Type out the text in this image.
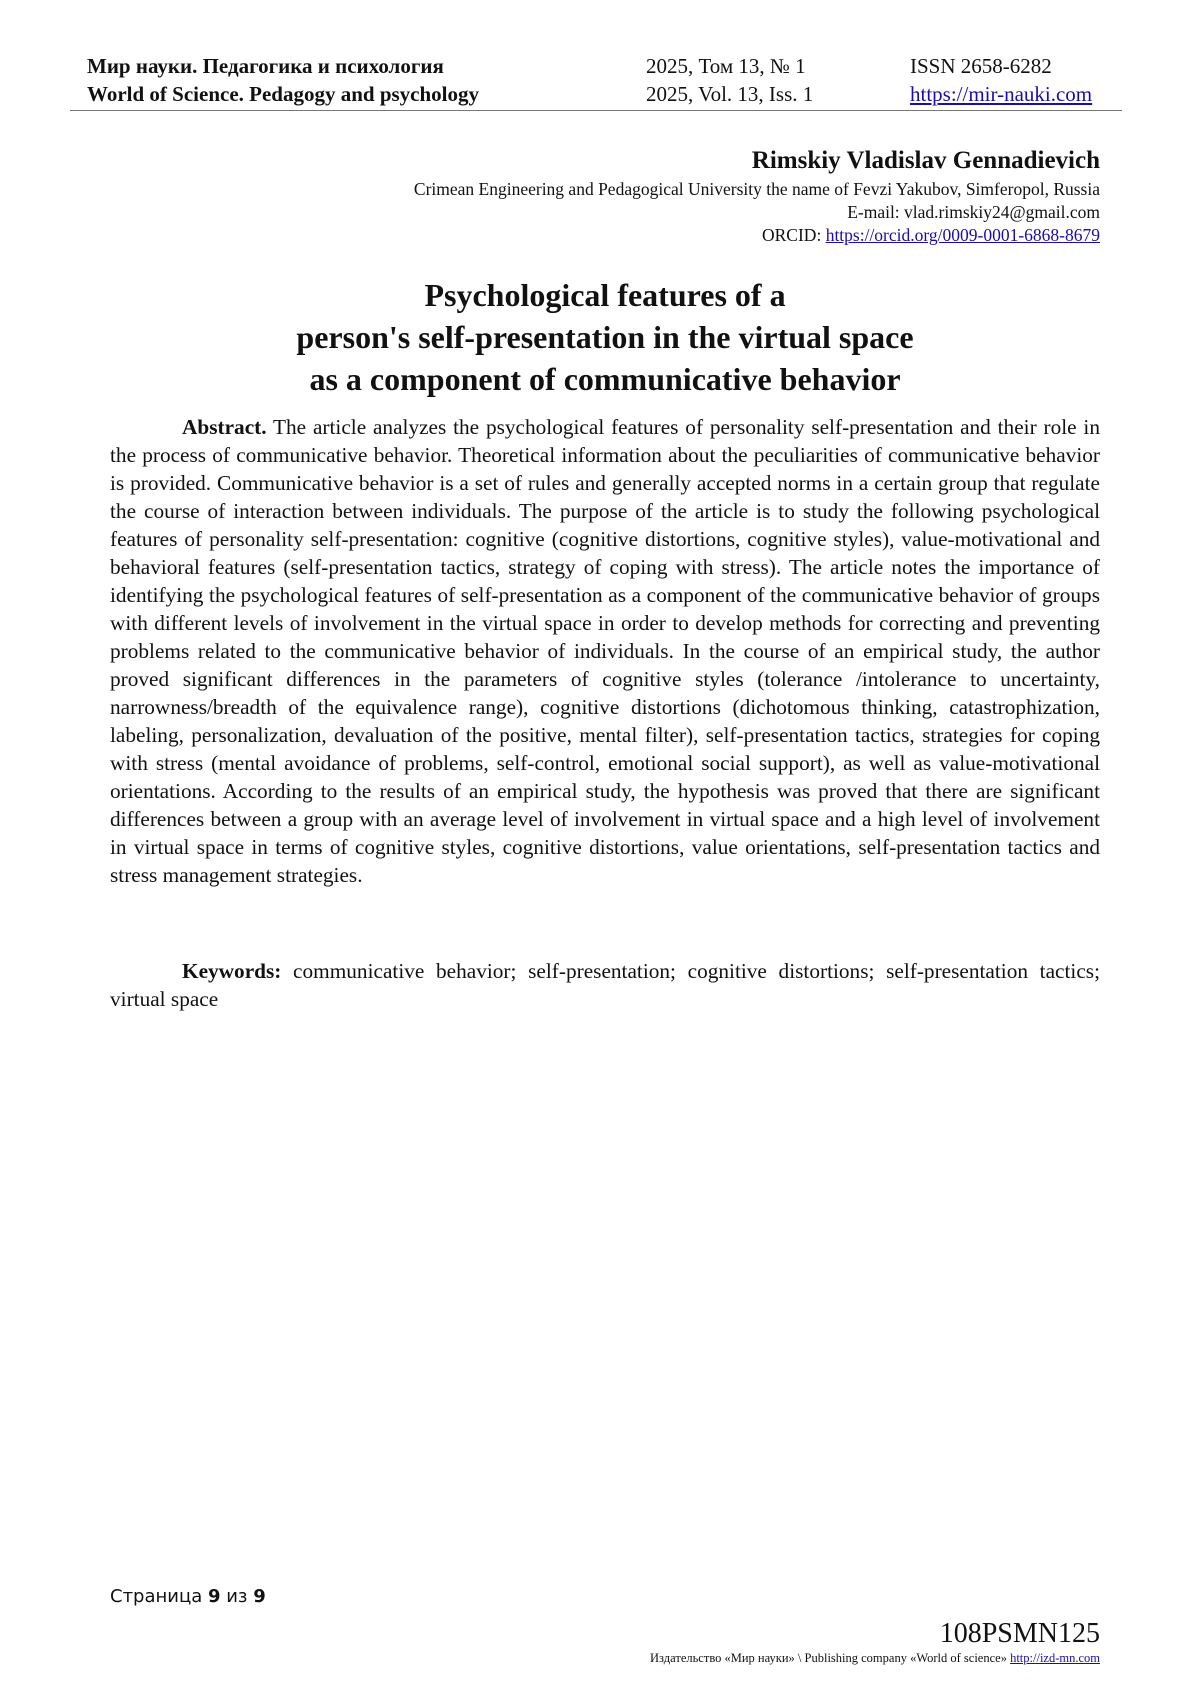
Мир науки. Педагогика и психология
World of Science. Pedagogy and psychology
2025, Том 13, № 1
2025, Vol. 13, Iss. 1
ISSN 2658-6282
https://mir-nauki.com
Rimskiy Vladislav Gennadievich
Crimean Engineering and Pedagogical University the name of Fevzi Yakubov, Simferopol, Russia
E-mail: vlad.rimskiy24@gmail.com
ORCID: https://orcid.org/0009-0001-6868-8679
Psychological features of a
person's self-presentation in the virtual space
as a component of communicative behavior

Abstract. The article analyzes the psychological features of personality self-presentation and their role in the process of communicative behavior. Theoretical information about the peculiarities of communicative behavior is provided. Communicative behavior is a set of rules and generally accepted norms in a certain group that regulate the course of interaction between individuals. The purpose of the article is to study the following psychological features of personality self-presentation: cognitive (cognitive distortions, cognitive styles), value-motivational and behavioral features (self-presentation tactics, strategy of coping with stress). The article notes the importance of identifying the psychological features of self-presentation as a component of the communicative behavior of groups with different levels of involvement in the virtual space in order to develop methods for correcting and preventing problems related to the communicative behavior of individuals. In the course of an empirical study, the author proved significant differences in the parameters of cognitive styles (tolerance /intolerance to uncertainty, narrowness/breadth of the equivalence range), cognitive distortions (dichotomous thinking, catastrophization, labeling, personalization, devaluation of the positive, mental filter), self-presentation tactics, strategies for coping with stress (mental avoidance of problems, self-control, emotional social support), as well as value-motivational orientations. According to the results of an empirical study, the hypothesis was proved that there are significant differences between a group with an average level of involvement in virtual space and a high level of involvement in virtual space in terms of cognitive styles, cognitive distortions, value orientations, self-presentation tactics and stress management strategies.

Keywords: communicative behavior; self-presentation; cognitive distortions; self-presentation tactics; virtual space

Страница 9 из 9
108PSMN125
Издательство «Мир науки» \ Publishing company «World of science» http://izd-mn.com
